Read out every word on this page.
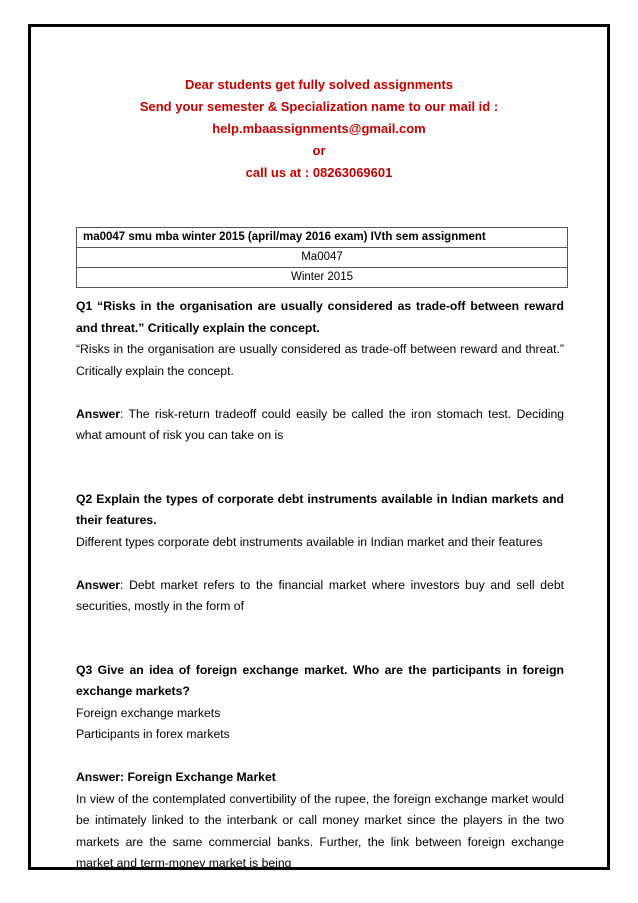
Dear students get fully solved assignments
Send your semester & Specialization name to our mail id :
help.mbaassignments@gmail.com
or
call us at : 08263069601
ma0047 smu mba winter 2015 (april/may 2016 exam) IVth sem assignment
Ma0047
Winter 2015

Q1 “Risks in the organisation are usually considered as trade-off between reward and threat.” Critically explain the concept.

“Risks in the organisation are usually considered as trade-off between reward and threat.” Critically explain the concept.

Answer: The risk-return tradeoff could easily be called the iron stomach test. Deciding what amount of risk you can take on is

Q2 Explain the types of corporate debt instruments available in Indian markets and their features.

Different types corporate debt instruments available in Indian market and their features

Answer: Debt market refers to the financial market where investors buy and sell debt securities, mostly in the form of

Q3 Give an idea of foreign exchange market. Who are the participants in foreign exchange markets?

Foreign exchange markets

Participants in forex markets

Answer: Foreign Exchange Market

In view of the contemplated convertibility of the rupee, the foreign exchange market would be intimately linked to the interbank or call money market since the players in the two markets are the same commercial banks. Further, the link between foreign exchange market and term-money market is being
